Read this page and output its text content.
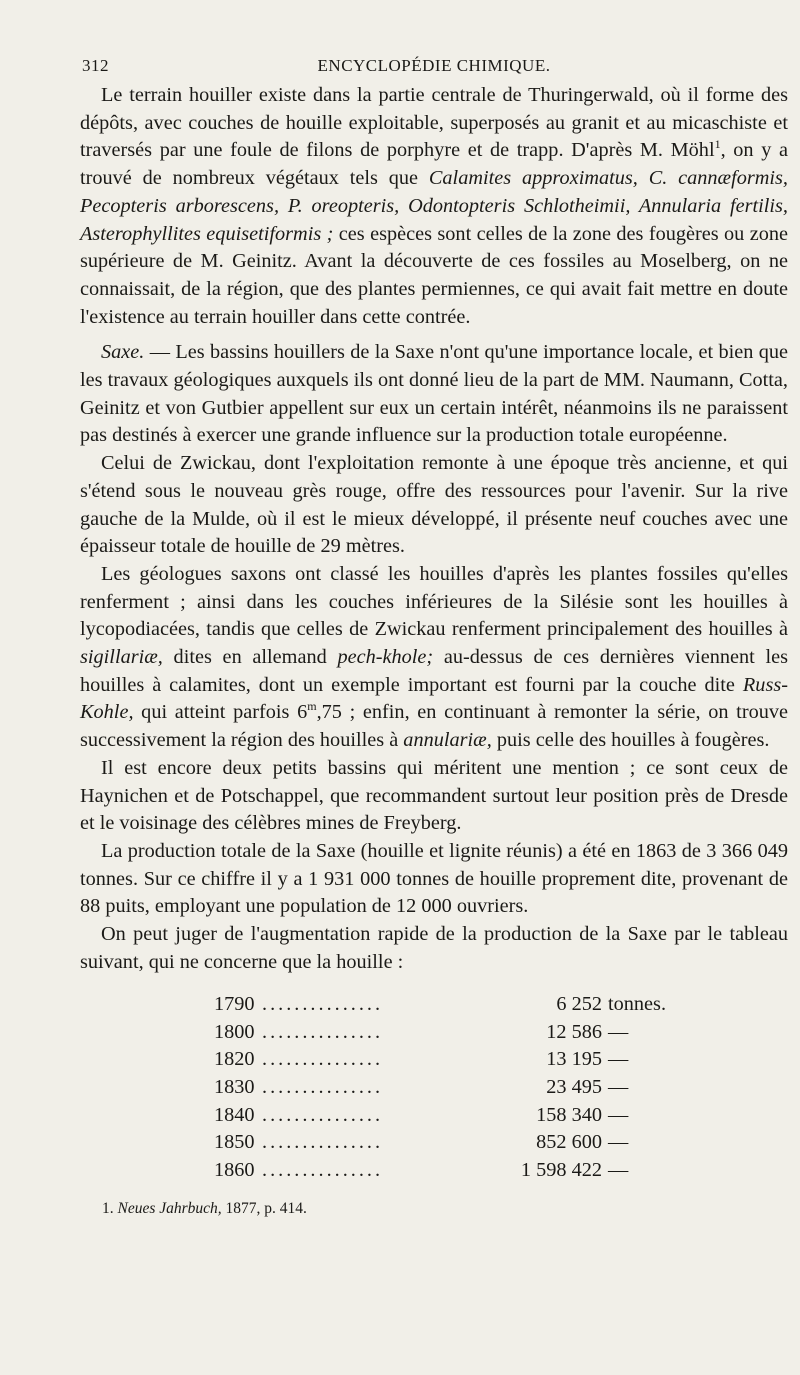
312	ENCYCLOPÉDIE CHIMIQUE.

Le terrain houiller existe dans la partie centrale de Thuringerwald, où il forme des dépôts, avec couches de houille exploitable, superposés au granit et au micaschiste et traversés par une foule de filons de porphyre et de trapp. D'après M. Möhl$^1$, on y a trouvé de nombreux végétaux tels que Calamites approximatus, C. cannæformis, Pecopteris arborescens, P. oreopteris, Odontopteris Schlotheimii, Annularia fertilis, Asterophyllites equisetiformis ; ces espèces sont celles de la zone des fougères ou zone supérieure de M. Geinitz. Avant la découverte de ces fossiles au Moselberg, on ne connaissait, de la région, que des plantes permiennes, ce qui avait fait mettre en doute l'existence au terrain houiller dans cette contrée.

Saxe. — Les bassins houillers de la Saxe n'ont qu'une importance locale, et bien que les travaux géologiques auxquels ils ont donné lieu de la part de MM. Naumann, Cotta, Geinitz et von Gutbier appellent sur eux un certain intérêt, néanmoins ils ne paraissent pas destinés à exercer une grande influence sur la production totale européenne.

Celui de Zwickau, dont l'exploitation remonte à une époque très ancienne, et qui s'étend sous le nouveau grès rouge, offre des ressources pour l'avenir. Sur la rive gauche de la Mulde, où il est le mieux développé, il présente neuf couches avec une épaisseur totale de houille de 29 mètres.

Les géologues saxons ont classé les houilles d'après les plantes fossiles qu'elles renferment ; ainsi dans les couches inférieures de la Silésie sont les houilles à lycopodiacées, tandis que celles de Zwickau renferment principalement des houilles à sigillariæ, dites en allemand pech-khole; au-dessus de ces dernières viennent les houilles à calamites, dont un exemple important est fourni par la couche dite Russ-Kohle, qui atteint parfois 6$^m$,75 ; enfin, en continuant à remonter la série, on trouve successivement la région des houilles à annulariæ, puis celle des houilles à fougères.

Il est encore deux petits bassins qui méritent une mention ; ce sont ceux de Haynichen et de Potschappel, que recommandent surtout leur position près de Dresde et le voisinage des célèbres mines de Freyberg.

La production totale de la Saxe (houille et lignite réunis) a été en 1863 de 3 366 049 tonnes. Sur ce chiffre il y a 1 931 000 tonnes de houille proprement dite, provenant de 88 puits, employant une population de 12 000 ouvriers.

On peut juger de l'augmentation rapide de la production de la Saxe par le tableau suivant, qui ne concerne que la houille :

1790 ...............	6 252 tonnes.
1800 ...............	12 586 —
1820 ...............	13 195 —
1830 ...............	23 495 —
1840 ...............	158 340 —
1850 ...............	852 600 —
1860 ...............	1 598 422 —
1. Neues Jahrbuch, 1877, p. 414.
